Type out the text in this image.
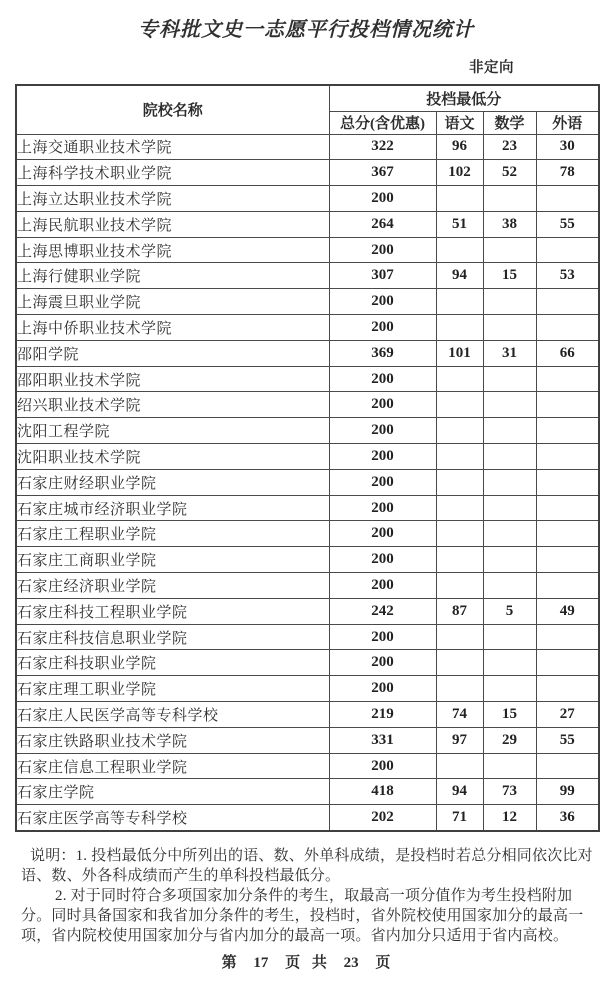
专科批文史一志愿平行投档情况统计
非定向
院校名称	投档最低分			
	总分(含优惠)	语文	数学	外语
上海交通职业技术学院	322	96	23	30
上海科学技术职业学院	367	102	52	78
上海立达职业技术学院	200			
上海民航职业技术学院	264	51	38	55
上海思博职业技术学院	200			
上海行健职业学院	307	94	15	53
上海震旦职业学院	200			
上海中侨职业技术学院	200			
邵阳学院	369	101	31	66
邵阳职业技术学院	200			
绍兴职业技术学院	200			
沈阳工程学院	200			
沈阳职业技术学院	200			
石家庄财经职业学院	200			
石家庄城市经济职业学院	200			
石家庄工程职业学院	200			
石家庄工商职业学院	200			
石家庄经济职业学院	200			
石家庄科技工程职业学院	242	87	5	49
石家庄科技信息职业学院	200			
石家庄科技职业学院	200			
石家庄理工职业学院	200			
石家庄人民医学高等专科学校	219	74	15	27
石家庄铁路职业技术学院	331	97	29	55
石家庄信息工程职业学院	200			
石家庄学院	418	94	73	99
石家庄医学高等专科学校	202	71	12	36
说明：1. 投档最低分中所列出的语、数、外单科成绩，是投档时若总分相同依次比对
语、数、外各科成绩而产生的单科投档最低分。
2. 对于同时符合多项国家加分条件的考生，取最高一项分值作为考生投档附加
分。同时具备国家和我省加分条件的考生，投档时，省外院校使用国家加分的最高一
项，省内院校使用国家加分与省内加分的最高一项。省内加分只适用于省内高校。
第 17 页 共 23 页
